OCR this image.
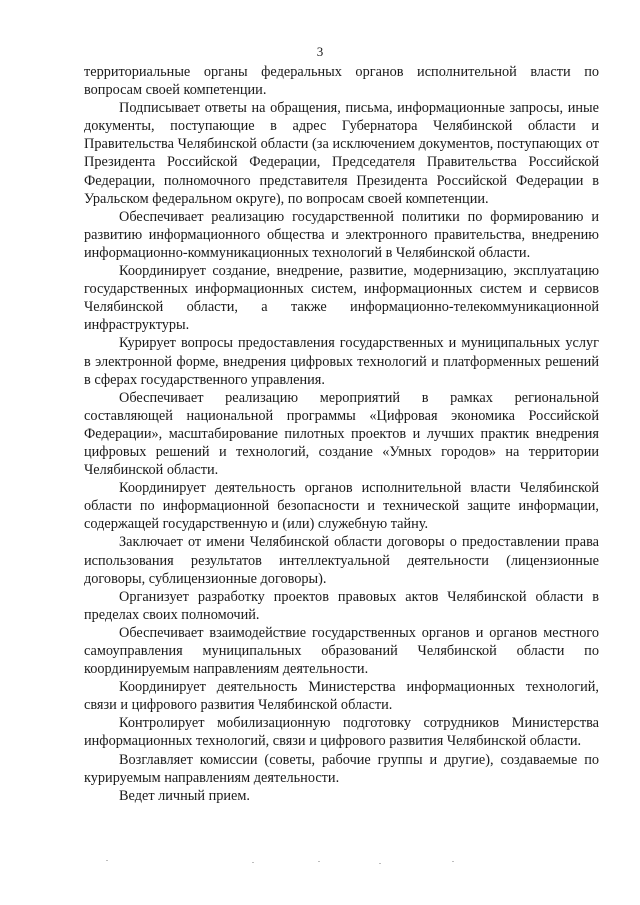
3

территориальные органы федеральных органов исполнительной власти по вопросам своей компетенции.

Подписывает ответы на обращения, письма, информационные запросы, иные документы, поступающие в адрес Губернатора Челябинской области и Правительства Челябинской области (за исключением документов, поступающих от Президента Российской Федерации, Председателя Правительства Российской Федерации, полномочного представителя Президента Российской Федерации в Уральском федеральном округе), по вопросам своей компетенции.

Обеспечивает реализацию государственной политики по формированию и развитию информационного общества и электронного правительства, внедрению информационно-коммуникационных технологий в Челябинской области.

Координирует создание, внедрение, развитие, модернизацию, эксплуатацию государственных информационных систем, информационных систем и сервисов Челябинской области, а также информационно-телекоммуникационной инфраструктуры.

Курирует вопросы предоставления государственных и муниципальных услуг в электронной форме, внедрения цифровых технологий и платформенных решений в сферах государственного управления.

Обеспечивает реализацию мероприятий в рамках региональной составляющей национальной программы «Цифровая экономика Российской Федерации», масштабирование пилотных проектов и лучших практик внедрения цифровых решений и технологий, создание «Умных городов» на территории Челябинской области.

Координирует деятельность органов исполнительной власти Челябинской области по информационной безопасности и технической защите информации, содержащей государственную и (или) служебную тайну.

Заключает от имени Челябинской области договоры о предоставлении права использования результатов интеллектуальной деятельности (лицензионные договоры, сублицензионные договоры).

Организует разработку проектов правовых актов Челябинской области в пределах своих полномочий.

Обеспечивает взаимодействие государственных органов и органов местного самоуправления муниципальных образований Челябинской области по координируемым направлениям деятельности.

Координирует деятельность Министерства информационных технологий, связи и цифрового развития Челябинской области.

Контролирует мобилизационную подготовку сотрудников Министерства информационных технологий, связи и цифрового развития Челябинской области.

Возглавляет комиссии (советы, рабочие группы и другие), создаваемые по курируемым направлениям деятельности.

Ведет личный прием.
